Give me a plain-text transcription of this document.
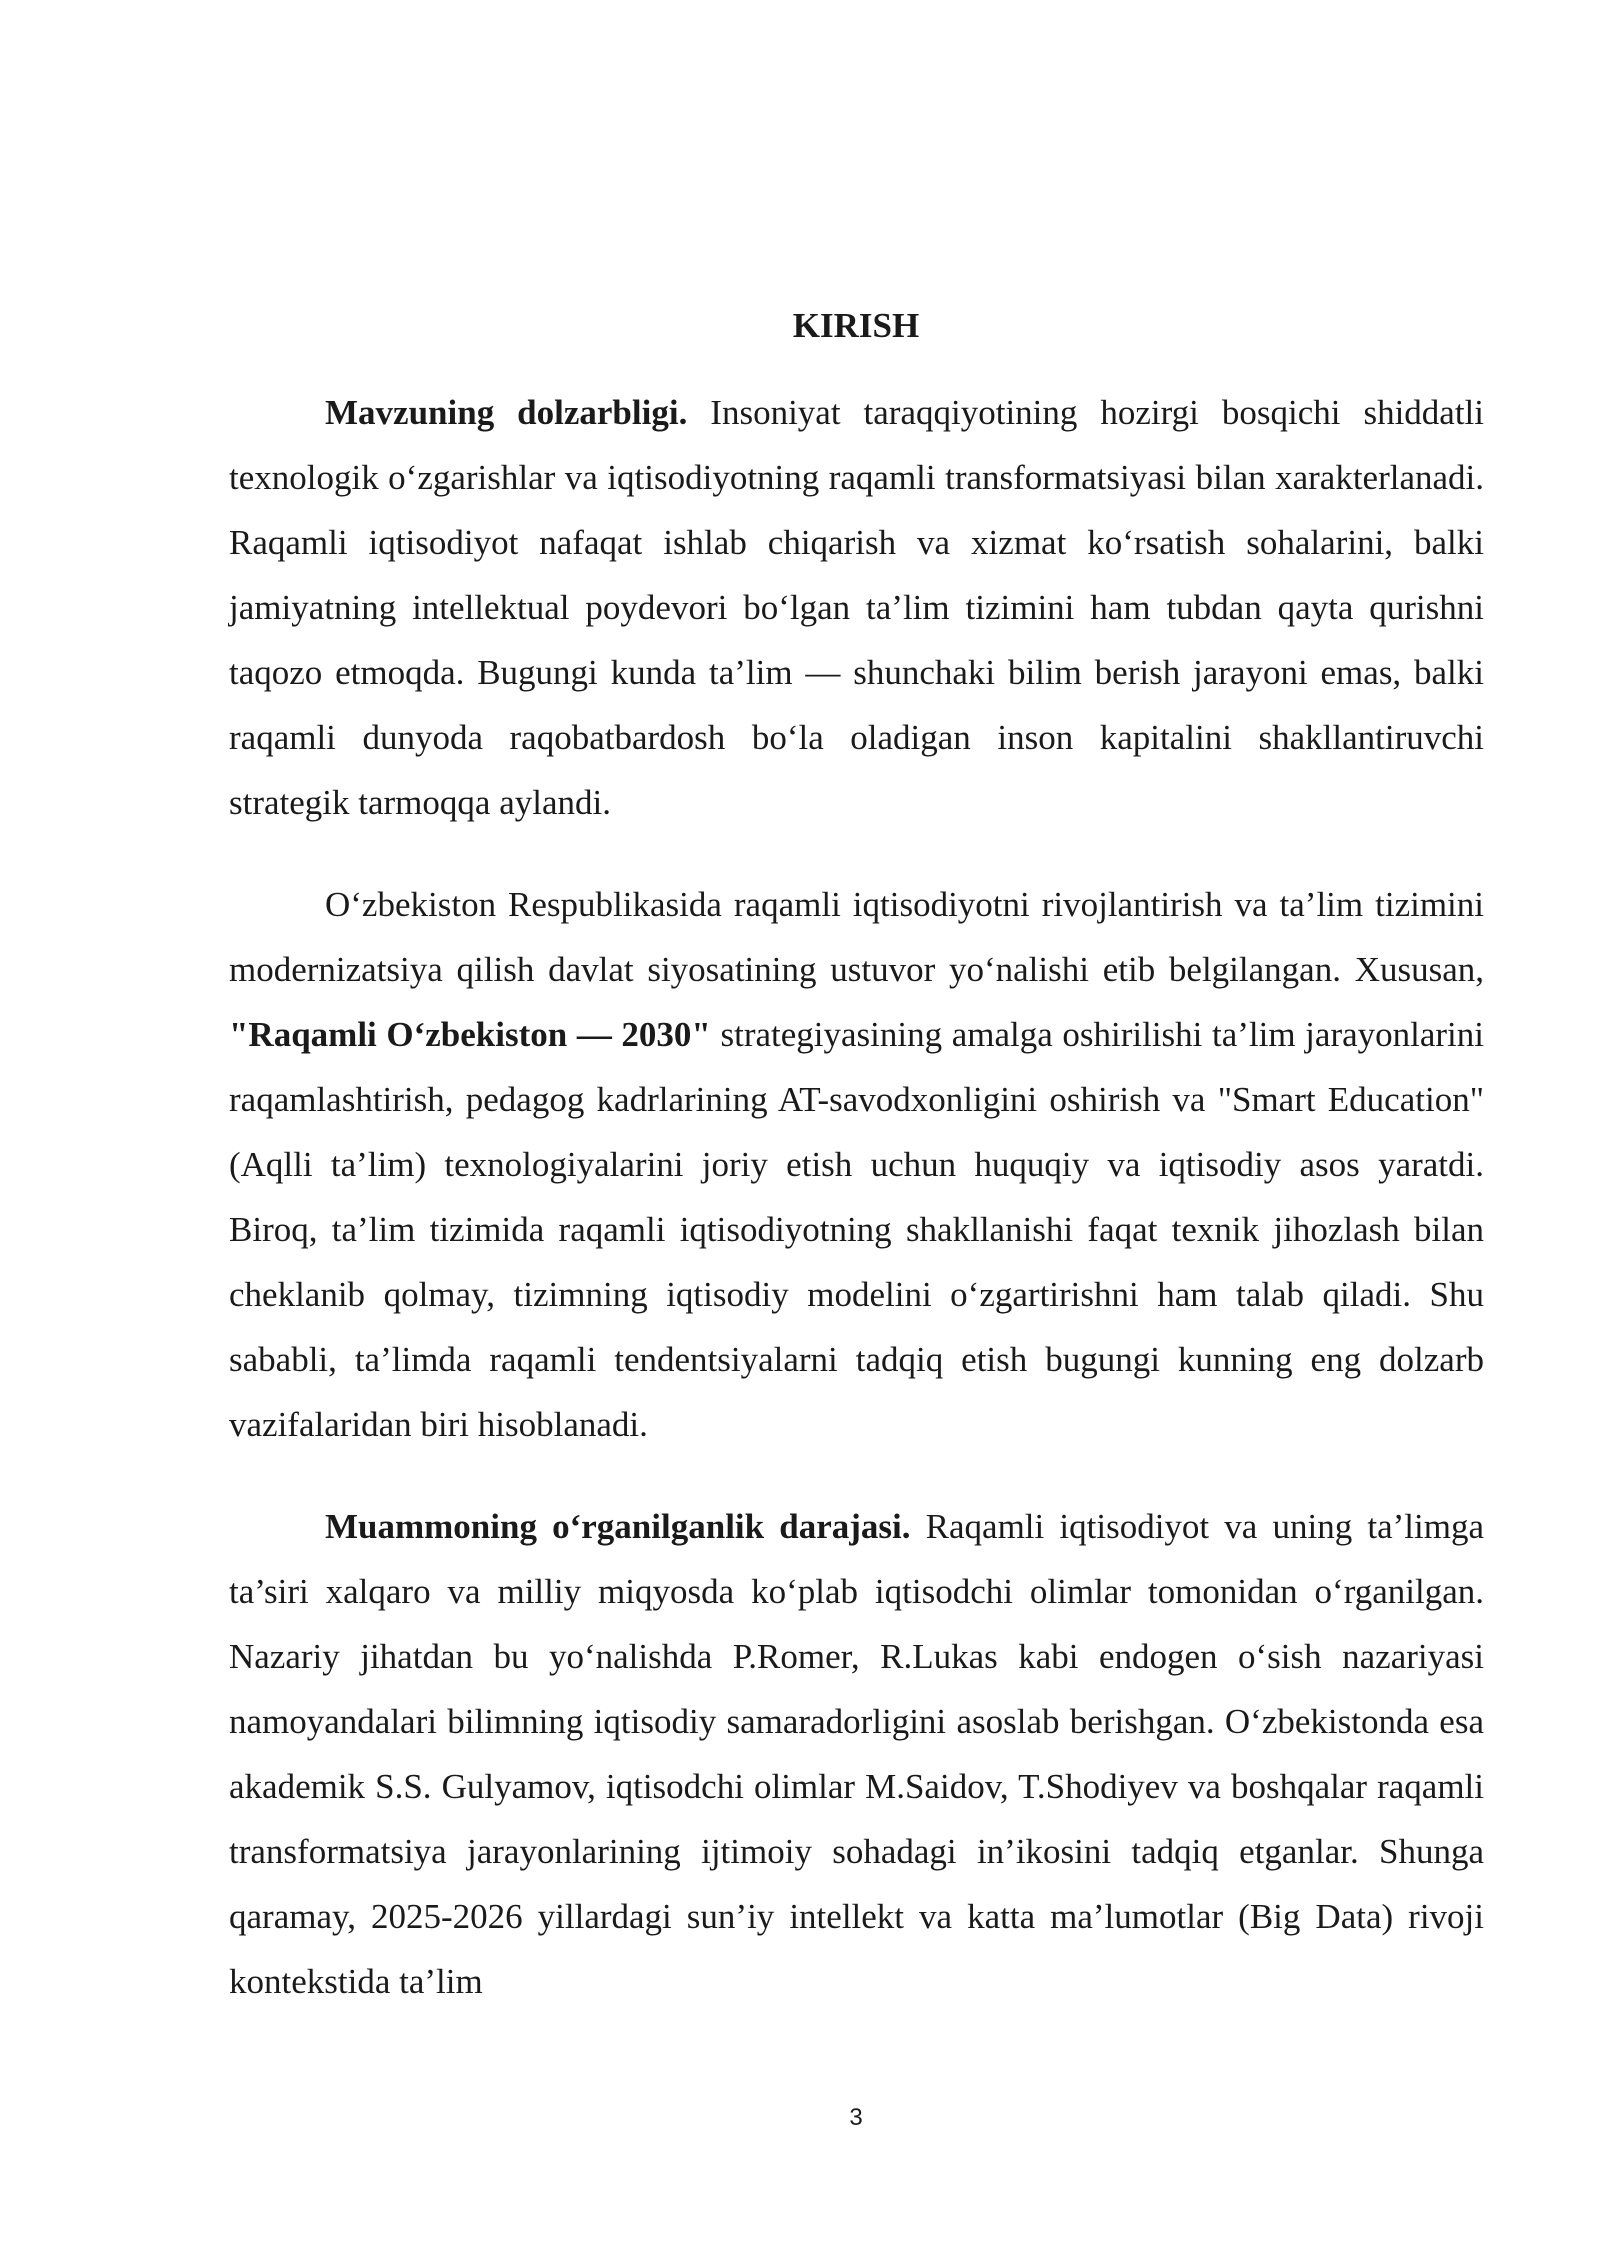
KIRISH

Mavzuning dolzarbligi. Insoniyat taraqqiyotining hozirgi bosqichi shiddatli texnologik o‘zgarishlar va iqtisodiyotning raqamli transformatsiyasi bilan xarakterlanadi. Raqamli iqtisodiyot nafaqat ishlab chiqarish va xizmat ko‘rsatish sohalarini, balki jamiyatning intellektual poydevori bo‘lgan ta’lim tizimini ham tubdan qayta qurishni taqozo etmoqda. Bugungi kunda ta’lim — shunchaki bilim berish jarayoni emas, balki raqamli dunyoda raqobatbardosh bo‘la oladigan inson kapitalini shakllantiruvchi strategik tarmoqqa aylandi.

O‘zbekiston Respublikasida raqamli iqtisodiyotni rivojlantirish va ta’lim tizimini modernizatsiya qilish davlat siyosatining ustuvor yo‘nalishi etib belgilangan. Xususan, "Raqamli O‘zbekiston — 2030" strategiyasining amalga oshirilishi ta’lim jarayonlarini raqamlashtirish, pedagog kadrlarining AT-savodxonligini oshirish va "Smart Education" (Aqlli ta’lim) texnologiyalarini joriy etish uchun huquqiy va iqtisodiy asos yaratdi. Biroq, ta’lim tizimida raqamli iqtisodiyotning shakllanishi faqat texnik jihozlash bilan cheklanib qolmay, tizimning iqtisodiy modelini o‘zgartirishni ham talab qiladi. Shu sababli, ta’limda raqamli tendentsiyalarni tadqiq etish bugungi kunning eng dolzarb vazifalaridan biri hisoblanadi.

Muammoning o‘rganilganlik darajasi. Raqamli iqtisodiyot va uning ta’limga ta’siri xalqaro va milliy miqyosda ko‘plab iqtisodchi olimlar tomonidan o‘rganilgan. Nazariy jihatdan bu yo‘nalishda P.Romer, R.Lukas kabi endogen o‘sish nazariyasi namoyandalari bilimning iqtisodiy samaradorligini asoslab berishgan. O‘zbekistonda esa akademik S.S. Gulyamov, iqtisodchi olimlar M.Saidov, T.Shodiyev va boshqalar raqamli transformatsiya jarayonlarining ijtimoiy sohadagi in’ikosini tadqiq etganlar. Shunga qaramay, 2025-2026 yillardagi sun’iy intellekt va katta ma’lumotlar (Big Data) rivoji kontekstida ta’lim

3
